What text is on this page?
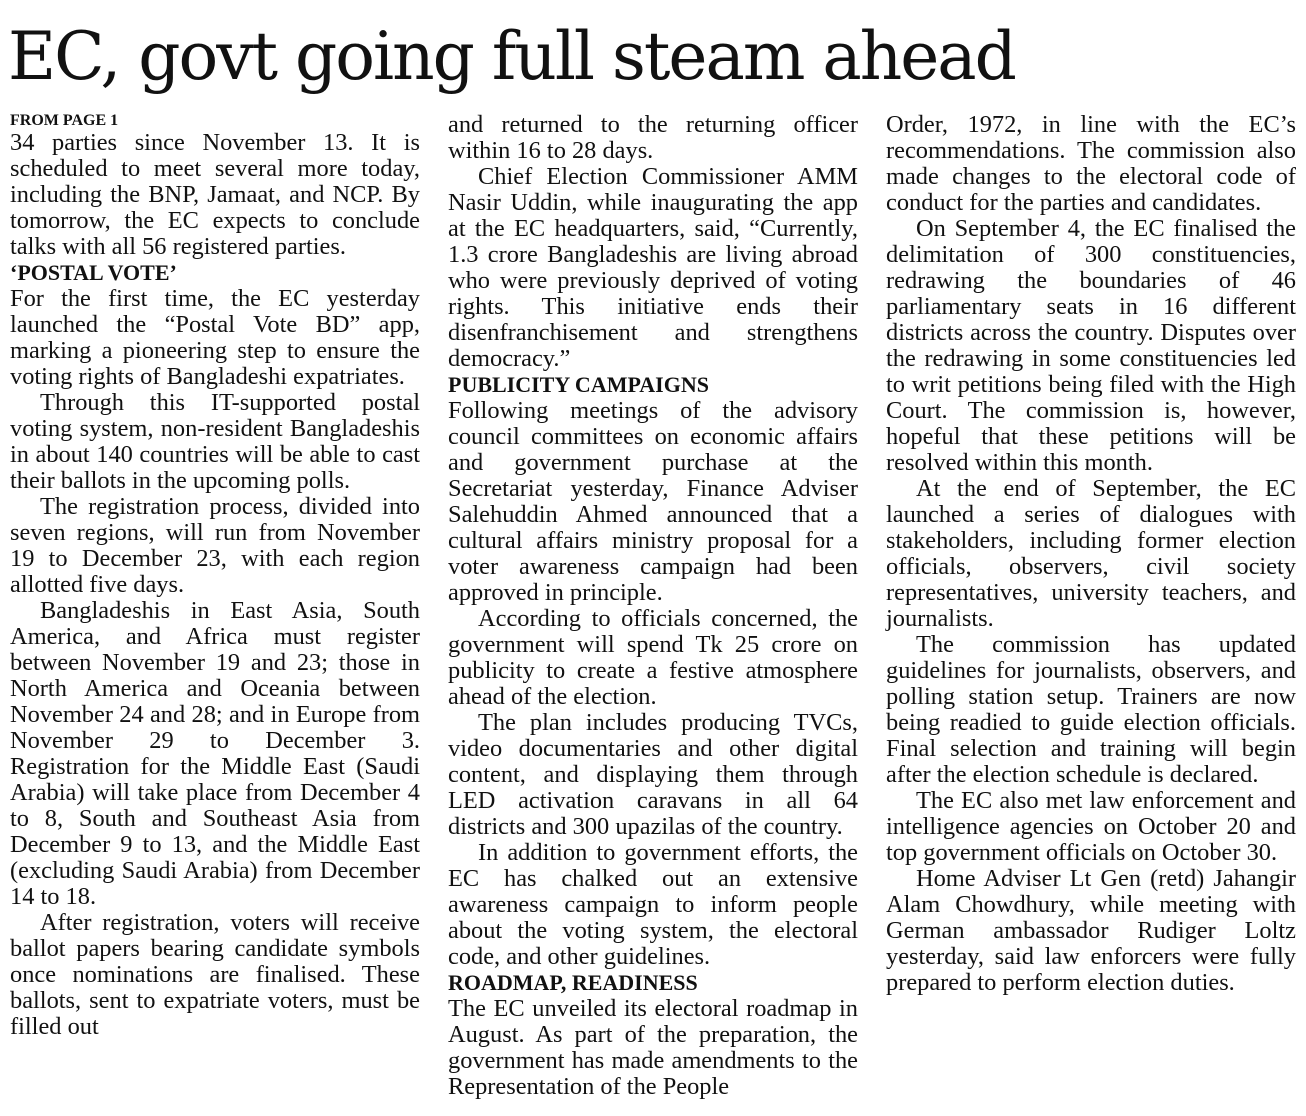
EC, govt going full steam ahead
FROM PAGE 1

34 parties since November 13. It is scheduled to meet several more today, including the BNP, Jamaat, and NCP. By tomorrow, the EC expects to conclude talks with all 56 registered parties.

‘POSTAL VOTE’

For the first time, the EC yesterday launched the “Postal Vote BD” app, marking a pioneering step to ensure the voting rights of Bangladeshi expatriates.

Through this IT-supported postal voting system, non-resident Bangladeshis in about 140 countries will be able to cast their ballots in the upcoming polls.

The registration process, divided into seven regions, will run from November 19 to December 23, with each region allotted five days.

Bangladeshis in East Asia, South America, and Africa must register between November 19 and 23; those in North America and Oceania between November 24 and 28; and in Europe from November 29 to December 3. Registration for the Middle East (Saudi Arabia) will take place from December 4 to 8, South and Southeast Asia from December 9 to 13, and the Middle East (excluding Saudi Arabia) from December 14 to 18.

After registration, voters will receive ballot papers bearing candidate symbols once nominations are finalised. These ballots, sent to expatriate voters, must be filled out

and returned to the returning officer within 16 to 28 days.

Chief Election Commissioner AMM Nasir Uddin, while inaugurating the app at the EC headquarters, said, “Currently, 1.3 crore Bangladeshis are living abroad who were previously deprived of voting rights. This initiative ends their disenfranchisement and strengthens democracy.”

PUBLICITY CAMPAIGNS

Following meetings of the advisory council committees on economic affairs and government purchase at the Secretariat yesterday, Finance Adviser Salehuddin Ahmed announced that a cultural affairs ministry proposal for a voter awareness campaign had been approved in principle.

According to officials concerned, the government will spend Tk 25 crore on publicity to create a festive atmosphere ahead of the election.

The plan includes producing TVCs, video documentaries and other digital content, and displaying them through LED activation caravans in all 64 districts and 300 upazilas of the country.

In addition to government efforts, the EC has chalked out an extensive awareness campaign to inform people about the voting system, the electoral code, and other guidelines.

ROADMAP, READINESS

The EC unveiled its electoral roadmap in August. As part of the preparation, the government has made amendments to the Representation of the People

Order, 1972, in line with the EC’s recommendations. The commission also made changes to the electoral code of conduct for the parties and candidates.

On September 4, the EC finalised the delimitation of 300 constituencies, redrawing the boundaries of 46 parliamentary seats in 16 different districts across the country. Disputes over the redrawing in some constituencies led to writ petitions being filed with the High Court. The commission is, however, hopeful that these petitions will be resolved within this month.

At the end of September, the EC launched a series of dialogues with stakeholders, including former election officials, observers, civil society representatives, university teachers, and journalists.

The commission has updated guidelines for journalists, observers, and polling station setup. Trainers are now being readied to guide election officials. Final selection and training will begin after the election schedule is declared.

The EC also met law enforcement and intelligence agencies on October 20 and top government officials on October 30.

Home Adviser Lt Gen (retd) Jahangir Alam Chowdhury, while meeting with German ambassador Rudiger Loltz yesterday, said law enforcers were fully prepared to perform election duties.
